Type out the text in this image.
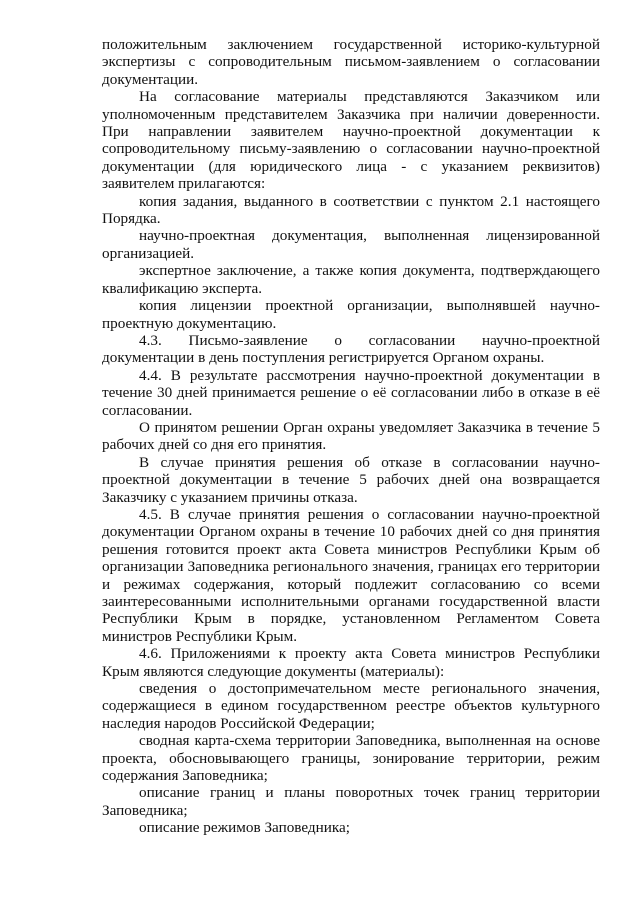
положительным заключением государственной историко-культурной экспертизы с сопроводительным письмом-заявлением о согласовании документации.

На согласование материалы представляются Заказчиком или уполномоченным представителем Заказчика при наличии доверенности. При направлении заявителем научно-проектной документации к сопроводительному письму-заявлению о согласовании научно-проектной документации (для юридического лица - с указанием реквизитов) заявителем прилагаются:

копия задания, выданного в соответствии с пунктом 2.1 настоящего Порядка.

научно-проектная документация, выполненная лицензированной организацией.

экспертное заключение, а также копия документа, подтверждающего квалификацию эксперта.

копия лицензии проектной организации, выполнявшей научно-проектную документацию.

4.3. Письмо-заявление о согласовании научно-проектной документации в день поступления регистрируется Органом охраны.

4.4. В результате рассмотрения научно-проектной документации в течение 30 дней принимается решение о её согласовании либо в отказе в её согласовании.

О принятом решении Орган охраны уведомляет Заказчика в течение 5 рабочих дней со дня его принятия.

В случае принятия решения об отказе в согласовании научно-проектной документации в течение 5 рабочих дней она возвращается Заказчику с указанием причины отказа.

4.5. В случае принятия решения о согласовании научно-проектной документации Органом охраны в течение 10 рабочих дней со дня принятия решения готовится проект акта Совета министров Республики Крым об организации Заповедника регионального значения, границах его территории и режимах содержания, который подлежит согласованию со всеми заинтересованными исполнительными органами государственной власти Республики Крым в порядке, установленном Регламентом Совета министров Республики Крым.

4.6. Приложениями к проекту акта Совета министров Республики Крым являются следующие документы (материалы):

сведения о достопримечательном месте регионального значения, содержащиеся в едином государственном реестре объектов культурного наследия народов Российской Федерации;

сводная карта-схема территории Заповедника, выполненная на основе проекта, обосновывающего границы, зонирование территории, режим содержания Заповедника;

описание границ и планы поворотных точек границ территории Заповедника;

описание режимов Заповедника;
